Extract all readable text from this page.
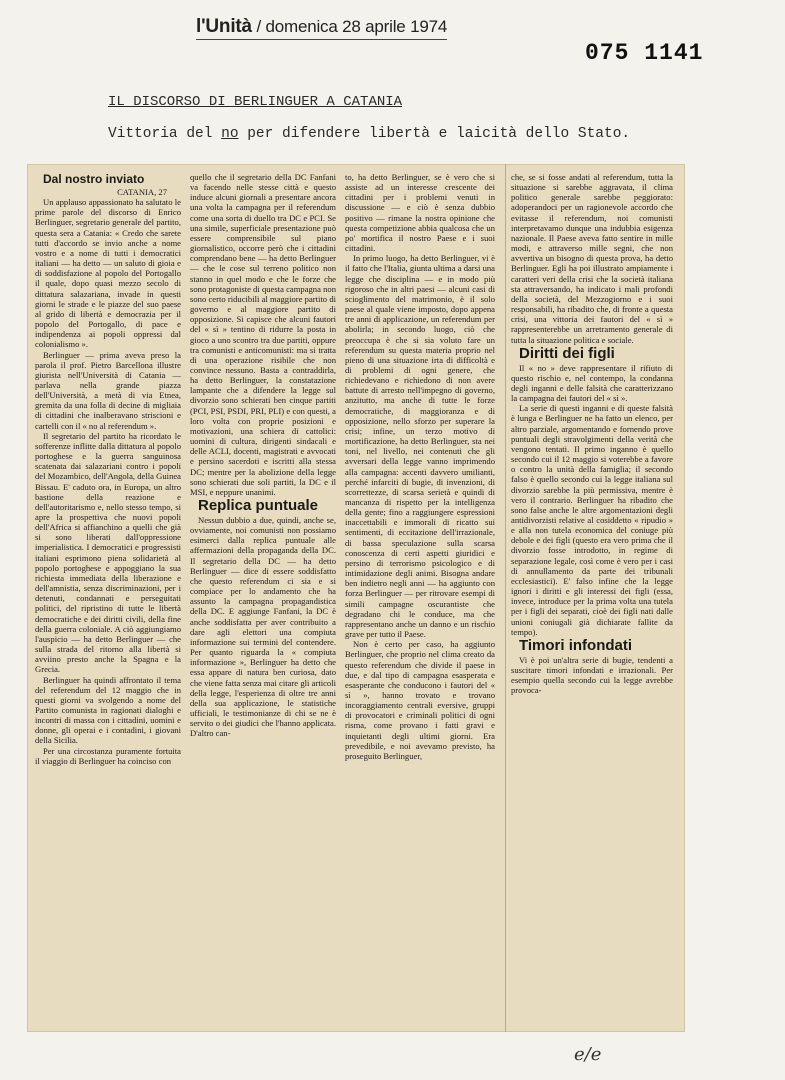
l'Unità / domenica 28 aprile 1974
075 1141
IL DISCORSO DI BERLINGUER A CATANIA
Vittoria del no per difendere libertà e laicità dello Stato.

Dal nostro inviato

CATANIA, 27

Un applauso appassionato ha salutato le prime parole del discorso di Enrico Berlinguer, segretario generale del partito, questa sera a Catania: « Credo che sarete tutti d'accordo se invio anche a nome vostro e a nome di tutti i democratici italiani — ha detto — un saluto di gioia e di soddisfazione al popolo del Portogallo il quale, dopo quasi mezzo secolo di dittatura salazariana, invade in questi giorni le strade e le piazze del suo paese al grido di libertà e democrazia per il popolo del Portogallo, di pace e indipendenza ai popoli oppressi dal colonialismo ».

Berlinguer — prima aveva preso la parola il prof. Pietro Barcellona illustre giurista nell'Università di Catania — parlava nella grande piazza dell'Università, a metà di via Etnea, gremita da una folla di decine di migliaia di cittadini che inalberavano striscioni e cartelli con il « no al referendum ».

Il segretario del partito ha ricordato le sofferenze inflitte dalla dittatura al popolo portoghese e la guerra sanguinosa scatenata dai salazariani contro i popoli del Mozambico, dell'Angola, della Guinea Bissau. E' caduto ora, in Europa, un altro bastione della reazione e dell'autoritarismo e, nello stesso tempo, si apre la prospettiva che nuovi popoli dell'Africa si affianchino a quelli che già si sono liberati dall'oppressione imperialistica. I democratici e progressisti italiani esprimono piena solidarietà al popolo portoghese e appoggiano la sua richiesta immediata della liberazione e dell'amnistia, senza discriminazioni, per i detenuti, condannati e perseguitati politici, del ripristino di tutte le libertà democratiche e dei diritti civili, della fine della guerra coloniale. A ciò aggiungiamo l'auspicio — ha detto Berlinguer — che sulla strada del ritorno alla libertà si avviino presto anche la Spagna e la Grecia.

Berlinguer ha quindi affrontato il tema del referendum del 12 maggio che in questi giorni va svolgendo a nome del Partito comunista in ragionati dialoghi e incontri di massa con i cittadini, uomini e donne, gli operai e i contadini, i giovani della Sicilia.

Per una circostanza puramente fortuita il viaggio di Berlinguer ha coinciso con

quello che il segretario della DC Fanfani va facendo nelle stesse città e questo induce alcuni giornali a presentare ancora una volta la campagna per il referendum come una sorta di duello tra DC e PCI. Se una simile, superficiale presentazione può essere comprensibile sul piano giornalistico, occorre però che i cittadini comprendano bene — ha detto Berlinguer — che le cose sul terreno politico non stanno in quel modo e che le forze che sono protagoniste di questa campagna non sono certo riducibili al maggiore partito di governo e al maggiore partito di opposizione. Si capisce che alcuni fautori del « sì » tentino di ridurre la posta in gioco a uno scontro tra due partiti, oppure tra comunisti e anticomunisti: ma si tratta di una operazione risibile che non convince nessuno. Basta a contraddirla, ha detto Berlinguer, la constatazione lampante che a difendere la legge sul divorzio sono schierati ben cinque partiti (PCI, PSI, PSDI, PRI, PLI) e con questi, a loro volta con proprie posizioni e motivazioni, una schiera di cattolici: uomini di cultura, dirigenti sindacali e delle ACLI, docenti, magistrati e avvocati e persino sacerdoti e iscritti alla stessa DC; mentre per la abolizione della legge sono schierati due soli partiti, la DC e il MSI, e neppure unanimi.

Replica puntuale

Nessun dubbio a due, quindi, anche se, ovviamente, noi comunisti non possiamo esimerci dalla replica puntuale alle affermazioni della propaganda della DC. Il segretario della DC — ha detto Berlinguer — dice di essere soddisfatto che questo referendum ci sia e si compiace per lo andamento che ha assunto la campagna propagandistica della DC. E aggiunge Fanfani, la DC è anche soddisfatta per aver contribuito a dare agli elettori una compiuta informazione sui termini del contendere. Per quanto riguarda la « compiuta informazione », Berlinguer ha detto che essa appare di natura ben curiosa, dato che viene fatta senza mai citare gli articoli della legge, l'esperienza di oltre tre anni della sua applicazione, le statistiche ufficiali, le testimonianze di chi se ne è servito o dei giudici che l'hanno applicata. D'altro can-

to, ha detto Berlinguer, se è vero che si assiste ad un interesse crescente dei cittadini per i problemi venuti in discussione — e ciò è senza dubbio positivo — rimane la nostra opinione che questa competizione abbia qualcosa che un po' mortifica il nostro Paese e i suoi cittadini.

In primo luogo, ha detto Berlinguer, vi è il fatto che l'Italia, giunta ultima a darsi una legge che disciplina — e in modo più rigoroso che in altri paesi — alcuni casi di scioglimento del matrimonio, è il solo paese al quale viene imposto, dopo appena tre anni di applicazione, un referendum per abolirla; in secondo luogo, ciò che preoccupa è che si sia voluto fare un referendum su questa materia proprio nel pieno di una situazione irta di difficoltà e di problemi di ogni genere, che richiedevano e richiedono di non avere battute di arresto nell'impegno di governo, anzitutto, ma anche di tutte le forze democratiche, di maggioranza e di opposizione, nello sforzo per superare la crisi; infine, un terzo motivo di mortificazione, ha detto Berlinguer, sta nei toni, nel livello, nei contenuti che gli avversari della legge vanno imprimendo alla campagna: accenti davvero umilianti, perché infarciti di bugie, di invenzioni, di scorrettezze, di scarsa serietà e quindi di mancanza di rispetto per la intelligenza della gente; fino a raggiungere espressioni inaccettabili e immorali di ricatto sui sentimenti, di eccitazione dell'irrazionale, di bassa speculazione sulla scarsa conoscenza di certi aspetti giuridici e persino di terrorismo psicologico e di intimidazione degli animi. Bisogna andare ben indietro negli anni — ha aggiunto con forza Berlinguer — per ritrovare esempi di simili campagne oscurantiste che degradano chi le conduce, ma che rappresentano anche un danno e un rischio grave per tutto il Paese.

Non è certo per caso, ha aggiunto Berlinguer, che proprio nel clima creato da questo referendum che divide il paese in due, e dal tipo di campagna esasperata e esasperante che conducono i fautori del « sì », hanno trovato e trovano incoraggiamento centrali eversive, gruppi di provocatori e criminali politici di ogni risma, come provano i fatti gravi e inquietanti degli ultimi giorni. Era prevedibile, e noi avevamo previsto, ha proseguito Berlinguer,

che, se si fosse andati al referendum, tutta la situazione si sarebbe aggravata, il clima politico generale sarebbe peggiorato: adoperandoci per un ragionevole accordo che evitasse il referendum, noi comunisti interpretavamo dunque una indubbia esigenza nazionale. Il Paese aveva fatto sentire in mille modi, e attraverso mille segni, che non avvertiva un bisogno di questa prova, ha detto Berlinguer. Egli ha poi illustrato ampiamente i caratteri veri della crisi che la società italiana sta attraversando, ha indicato i mali profondi della società, del Mezzogiorno e i suoi responsabili, ha ribadito che, di fronte a questa crisi, una vittoria dei fautori del « sì » rappresenterebbe un arretramento generale di tutta la situazione politica e sociale.

Diritti dei figli

Il « no » deve rappresentare il rifiuto di questo rischio e, nel contempo, la condanna degli inganni e delle falsità che caratterizzano la campagna dei fautori del « sì ».

La serie di questi inganni e di queste falsità è lunga e Berlinguer ne ha fatto un elenco, per altro parziale, argomentando e fornendo prove puntuali degli stravolgimenti della verità che vengono tentati. Il primo inganno è quello secondo cui il 12 maggio si voterebbe a favore o contro la unità della famiglia; il secondo falso è quello secondo cui la legge italiana sul divorzio sarebbe la più permissiva, mentre è vero il contrario. Berlinguer ha ribadito che sono false anche le altre argomentazioni degli antidivorzisti relative al cosiddetto « ripudio » e alla non tutela economica del coniuge più debole e dei figli (questo era vero prima che il divorzio fosse introdotto, in regime di separazione legale, così come è vero per i casi di annullamento da parte dei tribunali ecclesiastici). E' falso infine che la legge ignori i diritti e gli interessi dei figli (essa, invece, introduce per la prima volta una tutela per i figli dei separati, cioè dei figli nati dalle unioni coniugali già dichiarate fallite da tempo).

Timori infondati

Vi è poi un'altra serie di bugie, tendenti a suscitare timori infondati e irrazionali. Per esempio quella secondo cui la legge avrebbe provoca-

e/e
